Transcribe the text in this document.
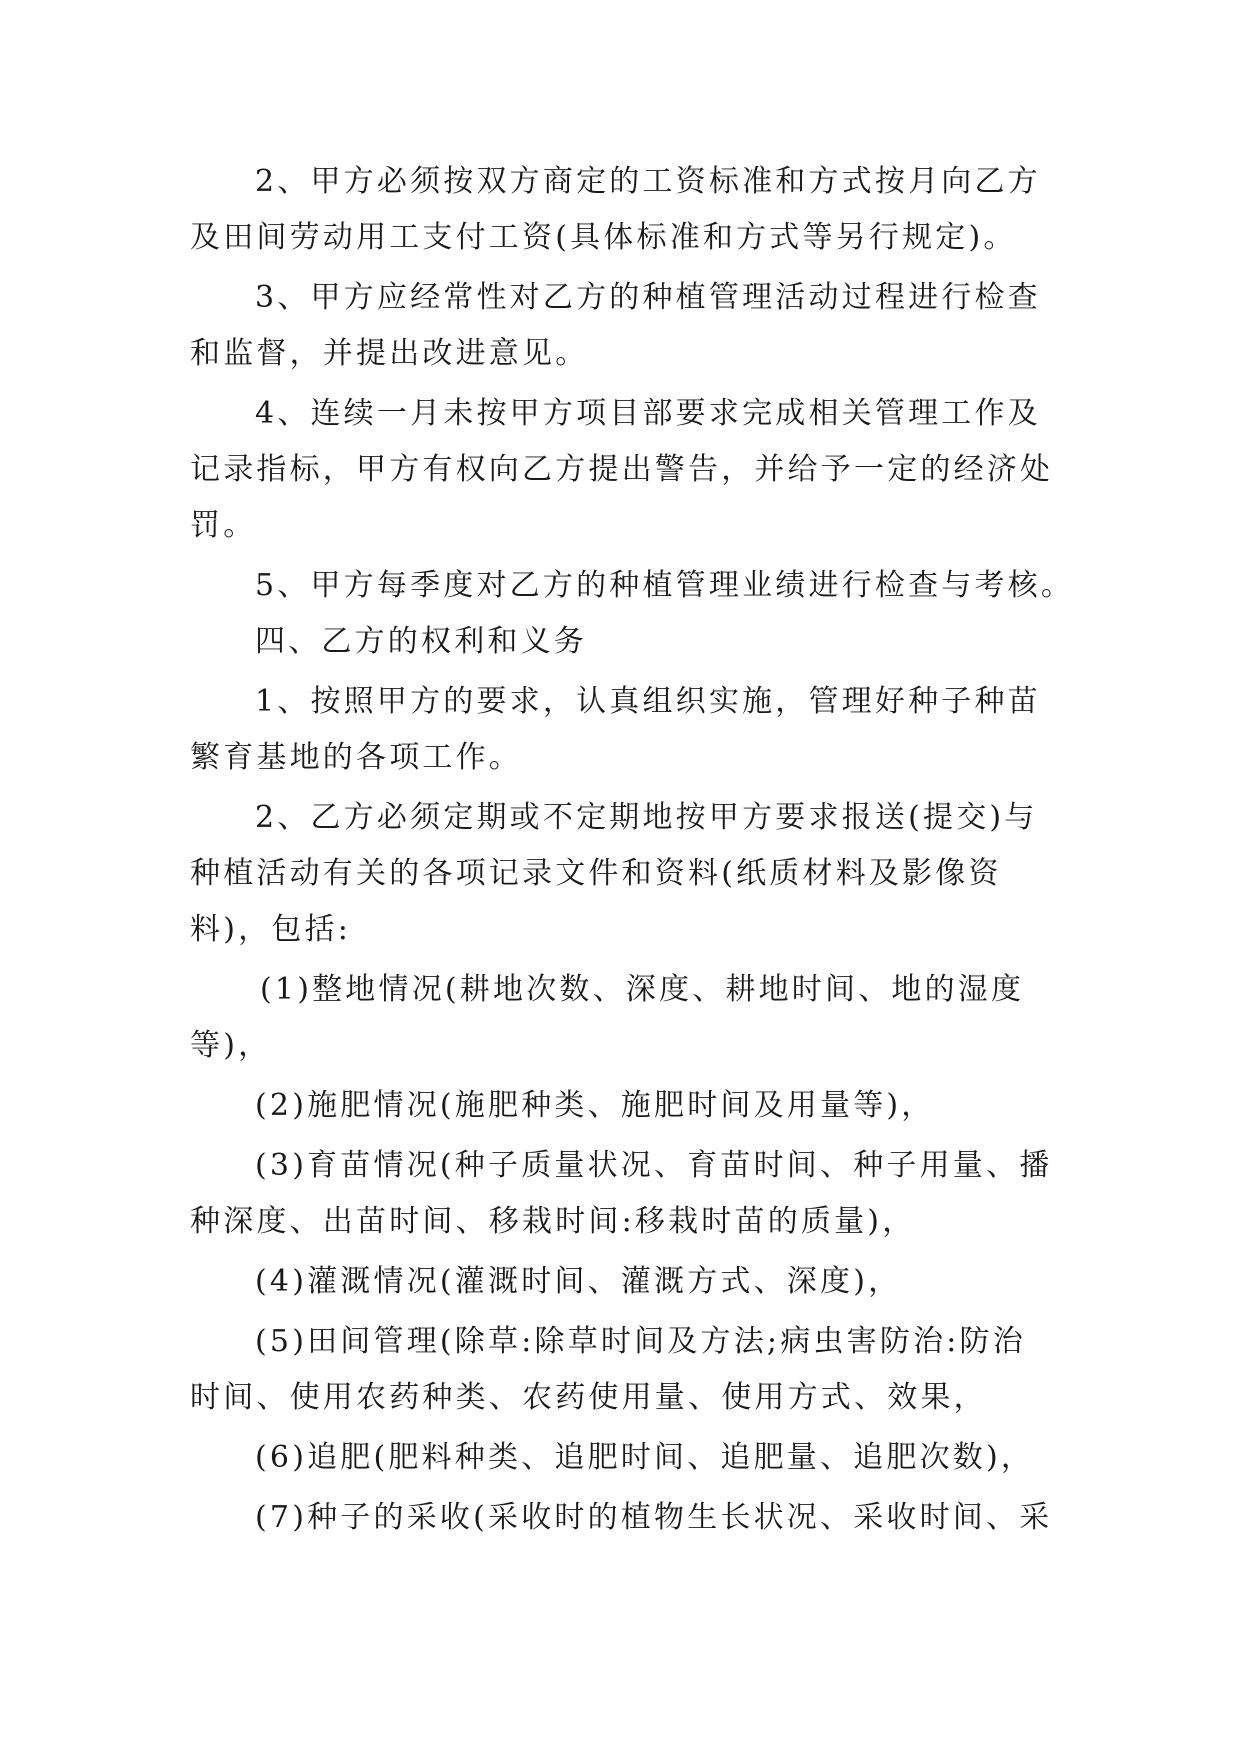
2、甲方必须按双方商定的工资标准和方式按月向乙方
及田间劳动用工支付工资(具体标准和方式等另行规定)。
3、甲方应经常性对乙方的种植管理活动过程进行检查
和监督，并提出改进意见。
4、连续一月未按甲方项目部要求完成相关管理工作及
记录指标，甲方有权向乙方提出警告，并给予一定的经济处
罚。
5、甲方每季度对乙方的种植管理业绩进行检查与考核。
四、乙方的权利和义务
1、按照甲方的要求，认真组织实施，管理好种子种苗
繁育基地的各项工作。
2、乙方必须定期或不定期地按甲方要求报送(提交)与
种植活动有关的各项记录文件和资料(纸质材料及影像资
料)，包括:
(1)整地情况(耕地次数、深度、耕地时间、地的湿度
等)，
(2)施肥情况(施肥种类、施肥时间及用量等)，
(3)育苗情况(种子质量状况、育苗时间、种子用量、播
种深度、出苗时间、移栽时间:移栽时苗的质量)，
(4)灌溉情况(灌溉时间、灌溉方式、深度)，
(5)田间管理(除草:除草时间及方法;病虫害防治:防治
时间、使用农药种类、农药使用量、使用方式、效果，
(6)追肥(肥料种类、追肥时间、追肥量、追肥次数)，
(7)种子的采收(采收时的植物生长状况、采收时间、采
